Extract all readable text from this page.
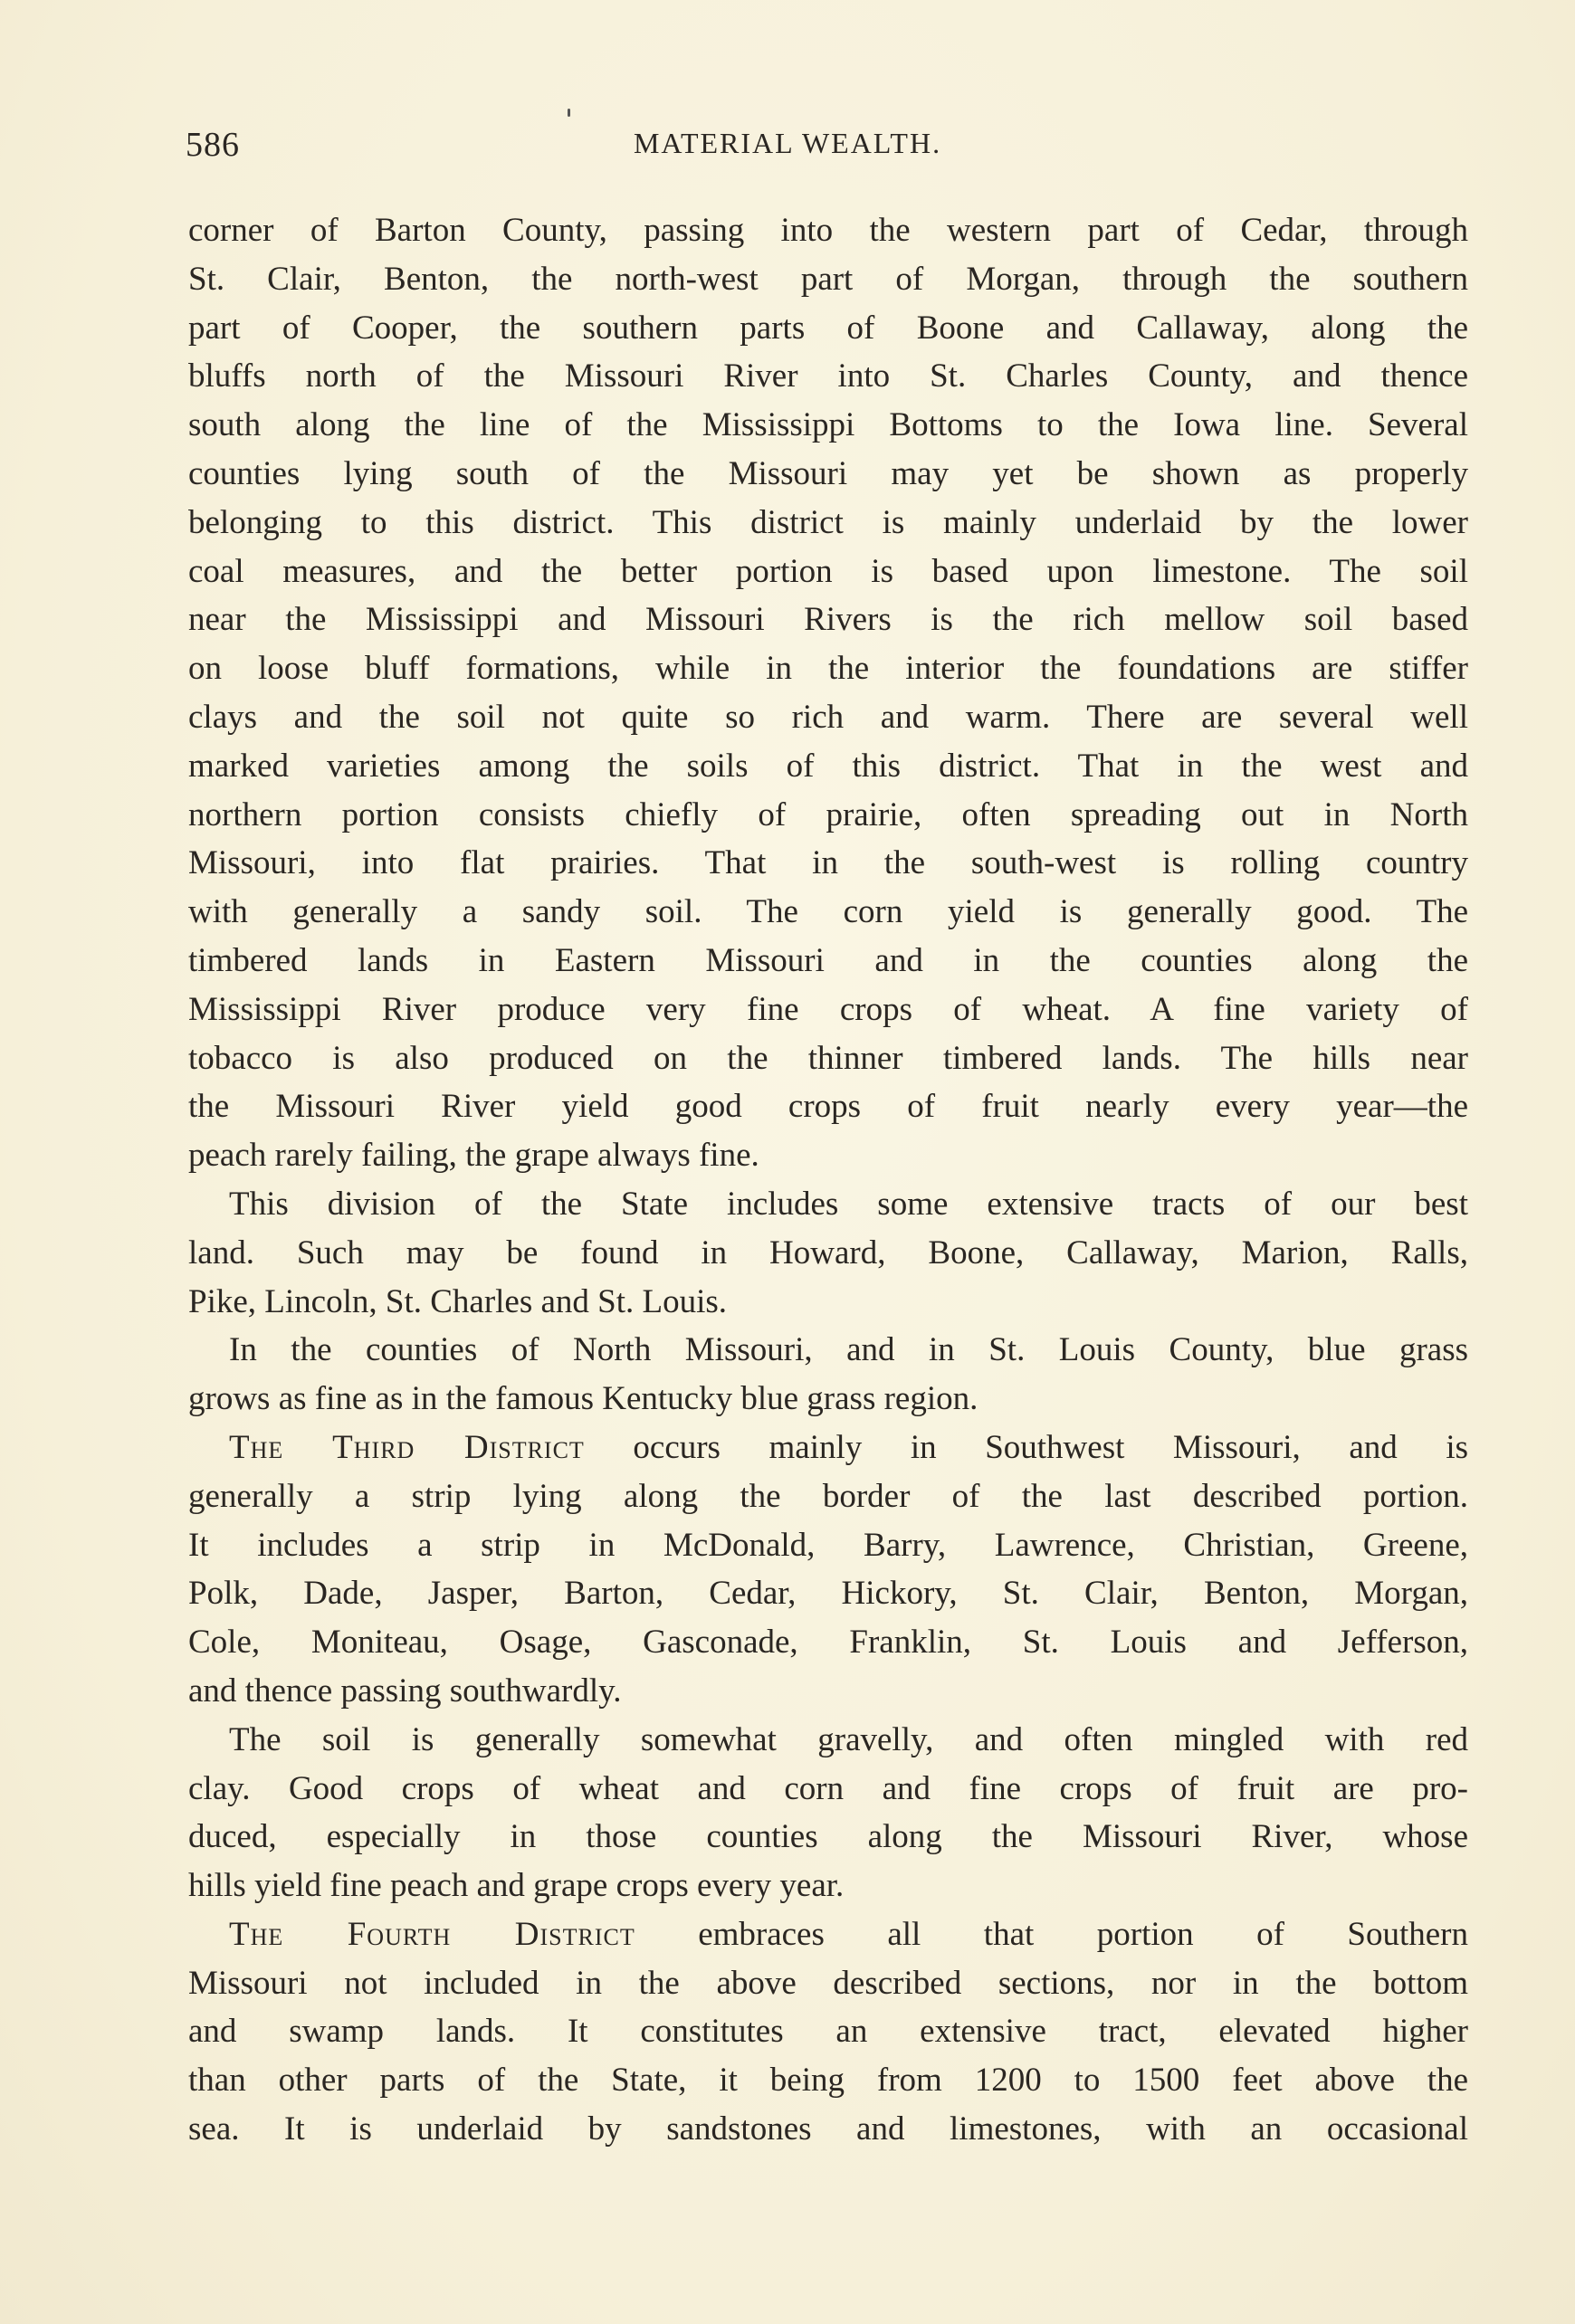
586	MATERIAL WEALTH.
corner of Barton County, passing into the western part of Cedar, through
St. Clair, Benton, the north-west part of Morgan, through the southern
part of Cooper, the southern parts of Boone and Callaway, along the
bluffs north of the Missouri River into St. Charles County, and thence
south along the line of the Mississippi Bottoms to the Iowa line. Several
counties lying south of the Missouri may yet be shown as properly
belonging to this district. This district is mainly underlaid by the lower
coal measures, and the better portion is based upon limestone. The soil
near the Mississippi and Missouri Rivers is the rich mellow soil based
on loose bluff formations, while in the interior the foundations are stiffer
clays and the soil not quite so rich and warm. There are several well
marked varieties among the soils of this district. That in the west and
northern portion consists chiefly of prairie, often spreading out in North
Missouri, into flat prairies. That in the south-west is rolling country
with generally a sandy soil. The corn yield is generally good. The
timbered lands in Eastern Missouri and in the counties along the
Mississippi River produce very fine crops of wheat. A fine variety of
tobacco is also produced on the thinner timbered lands. The hills near
the Missouri River yield good crops of fruit nearly every year—the
peach rarely failing, the grape always fine.
This division of the State includes some extensive tracts of our best
land. Such may be found in Howard, Boone, Callaway, Marion, Ralls,
Pike, Lincoln, St. Charles and St. Louis.
In the counties of North Missouri, and in St. Louis County, blue grass
grows as fine as in the famous Kentucky blue grass region.
The Third District occurs mainly in Southwest Missouri, and is
generally a strip lying along the border of the last described portion.
It includes a strip in McDonald, Barry, Lawrence, Christian, Greene,
Polk, Dade, Jasper, Barton, Cedar, Hickory, St. Clair, Benton, Morgan,
Cole, Moniteau, Osage, Gasconade, Franklin, St. Louis and Jefferson,
and thence passing southwardly.
The soil is generally somewhat gravelly, and often mingled with red
clay. Good crops of wheat and corn and fine crops of fruit are pro-
duced, especially in those counties along the Missouri River, whose
hills yield fine peach and grape crops every year.
The Fourth District embraces all that portion of Southern
Missouri not included in the above described sections, nor in the bottom
and swamp lands. It constitutes an extensive tract, elevated higher
than other parts of the State, it being from 1200 to 1500 feet above the
sea. It is underlaid by sandstones and limestones, with an occasional
